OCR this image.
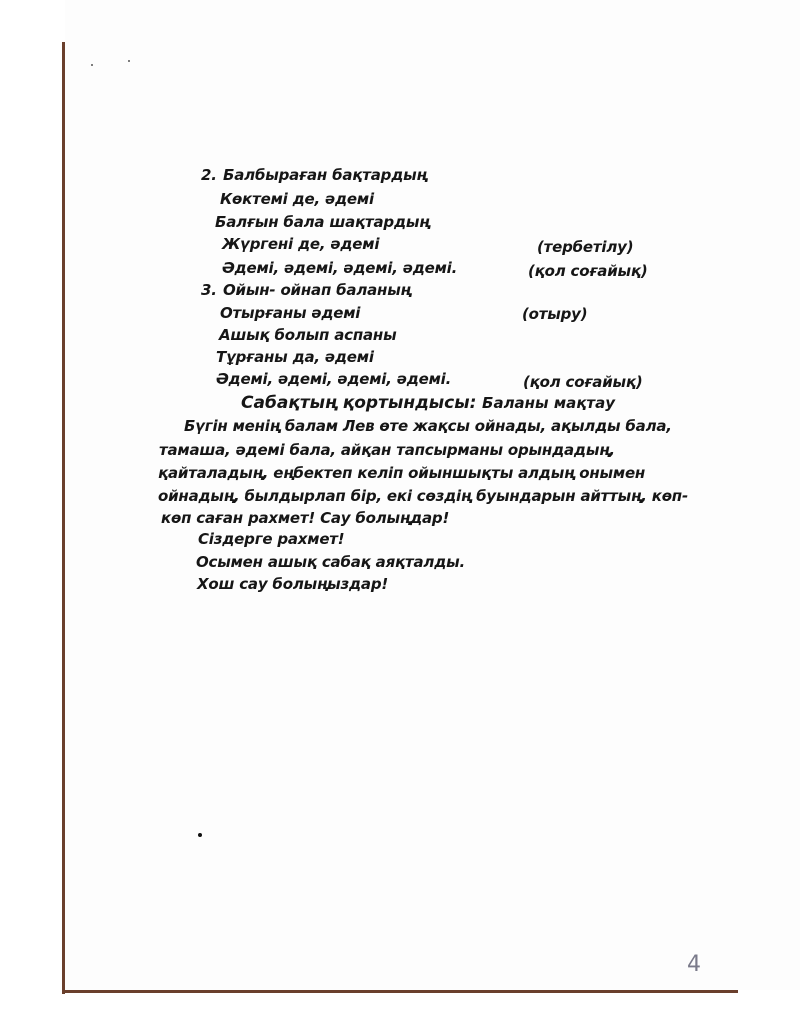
2. Балбыраған бақтардың
Көктемі де, әдемі
Балғын бала шақтардың
Жүргені де, әдемі	(тербетілу)
Әдемі, әдемі, әдемі, әдемі.	(қол соғайық)
3. Ойын- ойнап баланың
Отырғаны әдемі	(отыру)
Ашық болып аспаны
Тұрғаны да, әдемі
Әдемі, әдемі, әдемі, әдемі.	(қол соғайық)
Сабақтың қортындысы: Баланы мақтау
Бүгін менің балам Лев өте жақсы ойнады, ақылды бала,
тамаша, әдемі бала, айқан тапсырманы орындадың,
қайталадың, еңбектеп келіп ойыншықты алдың онымен
ойнадың, былдырлап бір, екі сөздің буындарын айттың, көп-
көп саған рахмет! Сау болыңдар!
Сіздерге рахмет!
Осымен ашық сабақ аяқталды.
Хош сау болыңыздар!
4
